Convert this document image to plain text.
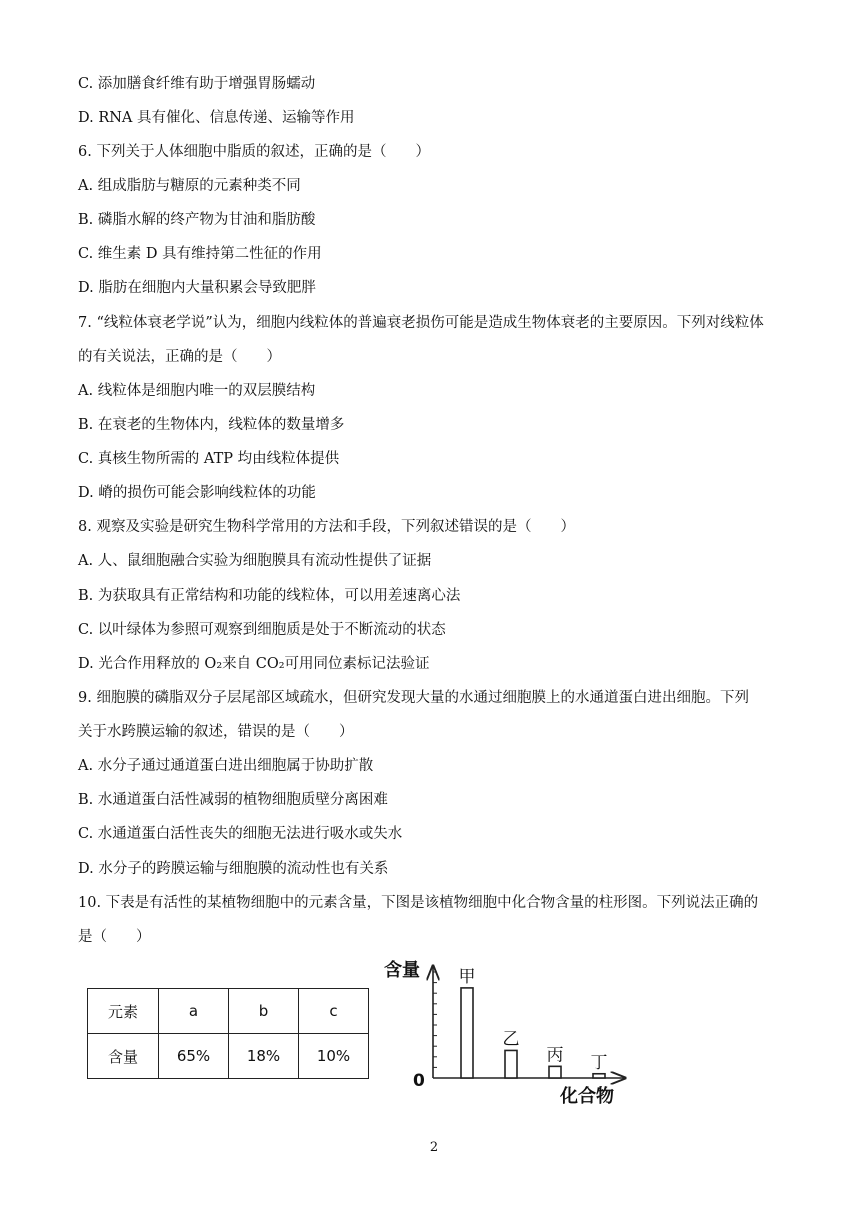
C. 添加膳食纤维有助于增强胃肠蠕动
D. RNA 具有催化、信息传递、运输等作用
6. 下列关于人体细胞中脂质的叙述，正确的是（　　）
A. 组成脂肪与糖原的元素种类不同
B. 磷脂水解的终产物为甘油和脂肪酸
C. 维生素 D 具有维持第二性征的作用
D. 脂肪在细胞内大量积累会导致肥胖
7. “线粒体衰老学说”认为，细胞内线粒体的普遍衰老损伤可能是造成生物体衰老的主要原因。下列对线粒体
的有关说法，正确的是（　　）
A. 线粒体是细胞内唯一的双层膜结构
B. 在衰老的生物体内，线粒体的数量增多
C. 真核生物所需的 ATP 均由线粒体提供
D. 嵴的损伤可能会影响线粒体的功能
8. 观察及实验是研究生物科学常用的方法和手段，下列叙述错误的是（　　）
A. 人、鼠细胞融合实验为细胞膜具有流动性提供了证据
B. 为获取具有正常结构和功能的线粒体，可以用差速离心法
C. 以叶绿体为参照可观察到细胞质是处于不断流动的状态
D. 光合作用释放的 O₂来自 CO₂可用同位素标记法验证
9. 细胞膜的磷脂双分子层尾部区域疏水，但研究发现大量的水通过细胞膜上的水通道蛋白进出细胞。下列
关于水跨膜运输的叙述，错误的是（　　）
A. 水分子通过通道蛋白进出细胞属于协助扩散
B. 水通道蛋白活性减弱的植物细胞质壁分离困难
C. 水通道蛋白活性丧失的细胞无法进行吸水或失水
D. 水分子的跨膜运输与细胞膜的流动性也有关系
10. 下表是有活性的某植物细胞中的元素含量，下图是该植物细胞中化合物含量的柱形图。下列说法正确的
是（　　）
元素	a	b	c
含量	65%	18%	10%
含量
化合物
0
甲
乙
丙 丁
2
